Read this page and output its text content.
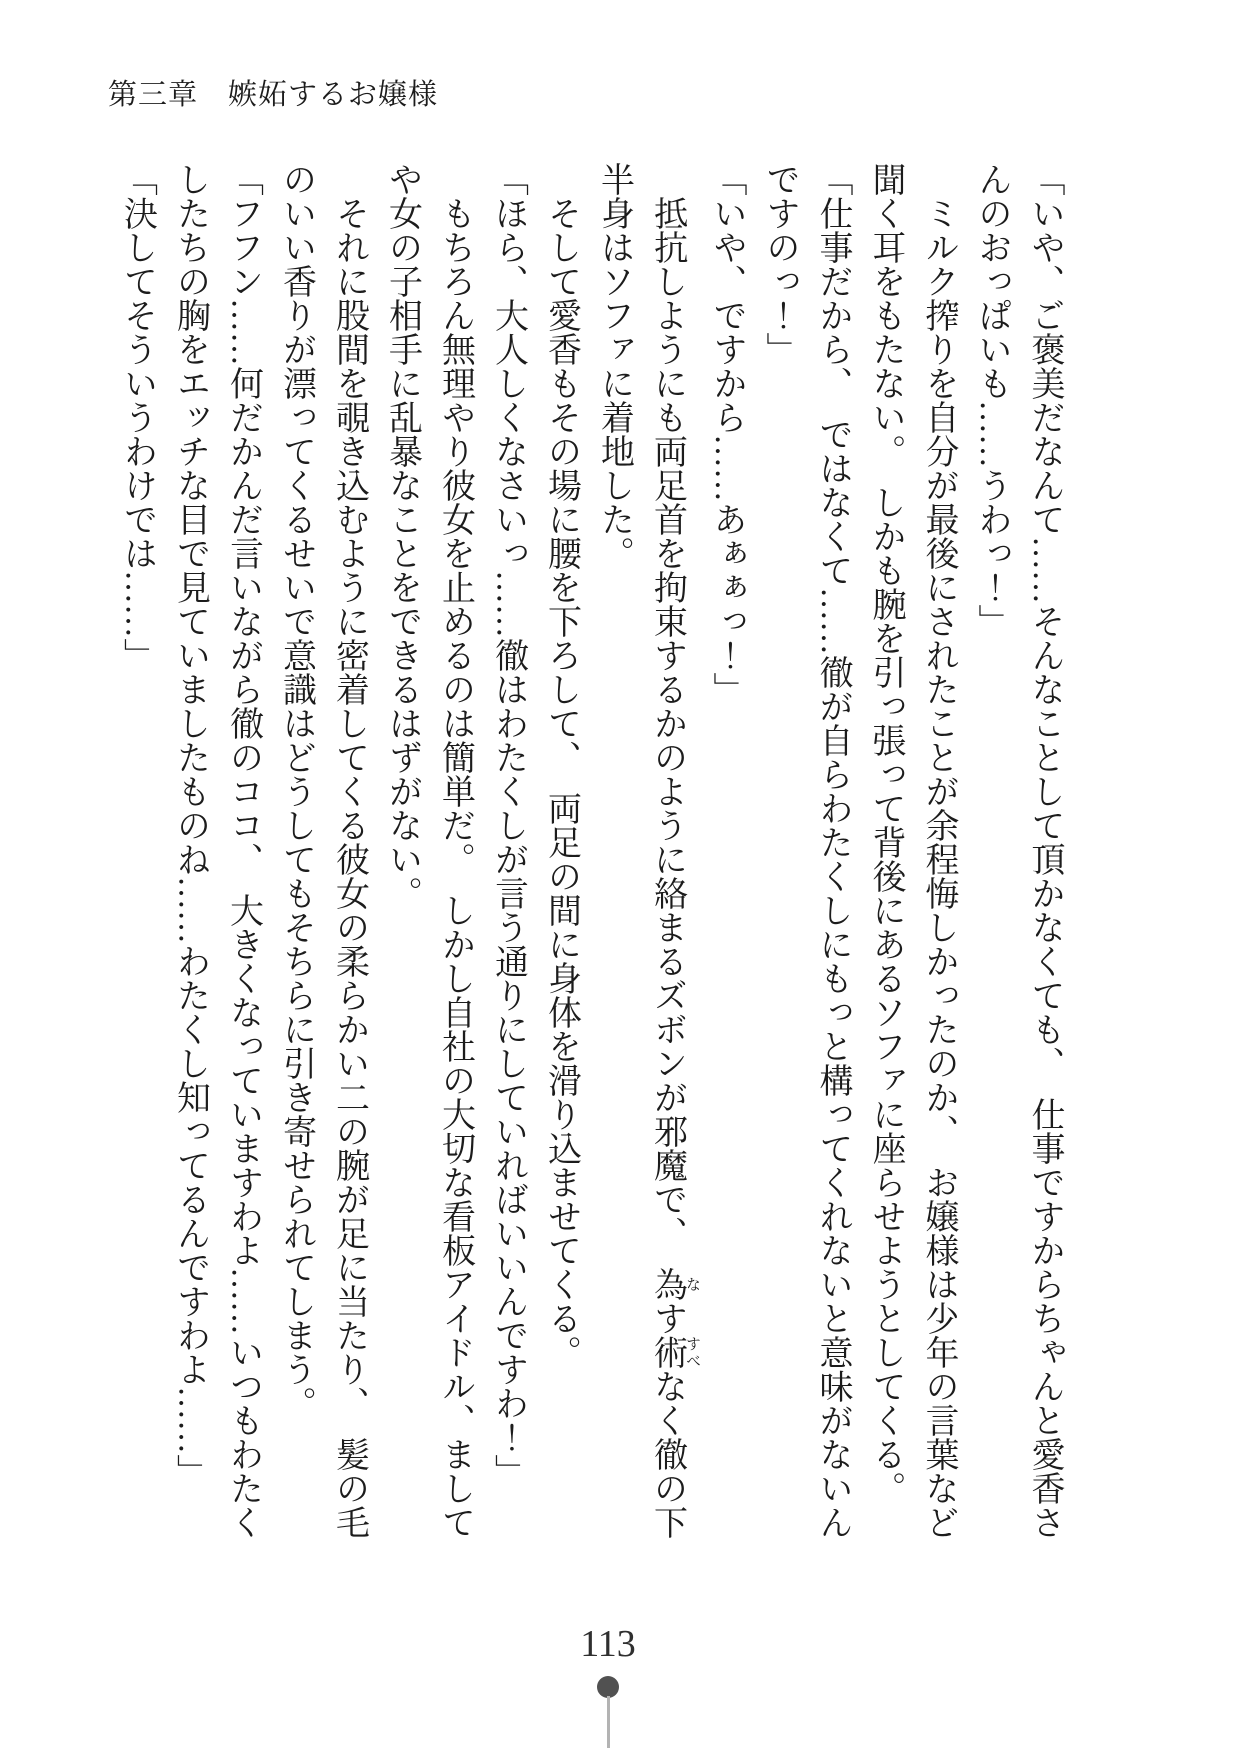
第三章　嫉妬するお嬢様
「いや、ご褒美だなんて……そんなことして頂かなくても、　仕事ですからちゃんと愛香さ
んのおっぱいも……うわっ！」
　ミルク搾りを自分が最後にされたことが余程悔しかったのか、　お嬢様は少年の言葉など
聞く耳をもたない。　しかも腕を引っ張って背後にあるソファに座らせようとしてくる。
「仕事だから、　ではなくて……徹が自らわたくしにもっと構ってくれないと意味がないん
ですのっ！」
「いや、ですから……あぁぁっ！」
　抵抗しようにも両足首を拘束するかのように絡まるズボンが邪魔で、　為なす術すべなく徹の下
半身はソファに着地した。
　そして愛香もその場に腰を下ろして、　両足の間に身体を滑り込ませてくる。
「ほら、大人しくなさいっ……徹はわたくしが言う通りにしていればいいんですわ！」
　もちろん無理やり彼女を止めるのは簡単だ。　しかし自社の大切な看板アイドル、まして
や女の子相手に乱暴なことをできるはずがない。
　それに股間を覗き込むように密着してくる彼女の柔らかい二の腕が足に当たり、　髪の毛
のいい香りが漂ってくるせいで意識はどうしてもそちらに引き寄せられてしまう。
「フフン……何だかんだ言いながら徹のココ、　大きくなっていますわよ……いつもわたく
したちの胸をエッチな目で見ていましたものね……わたくし知ってるんですわよ……」
「決してそういうわけでは……」
113
